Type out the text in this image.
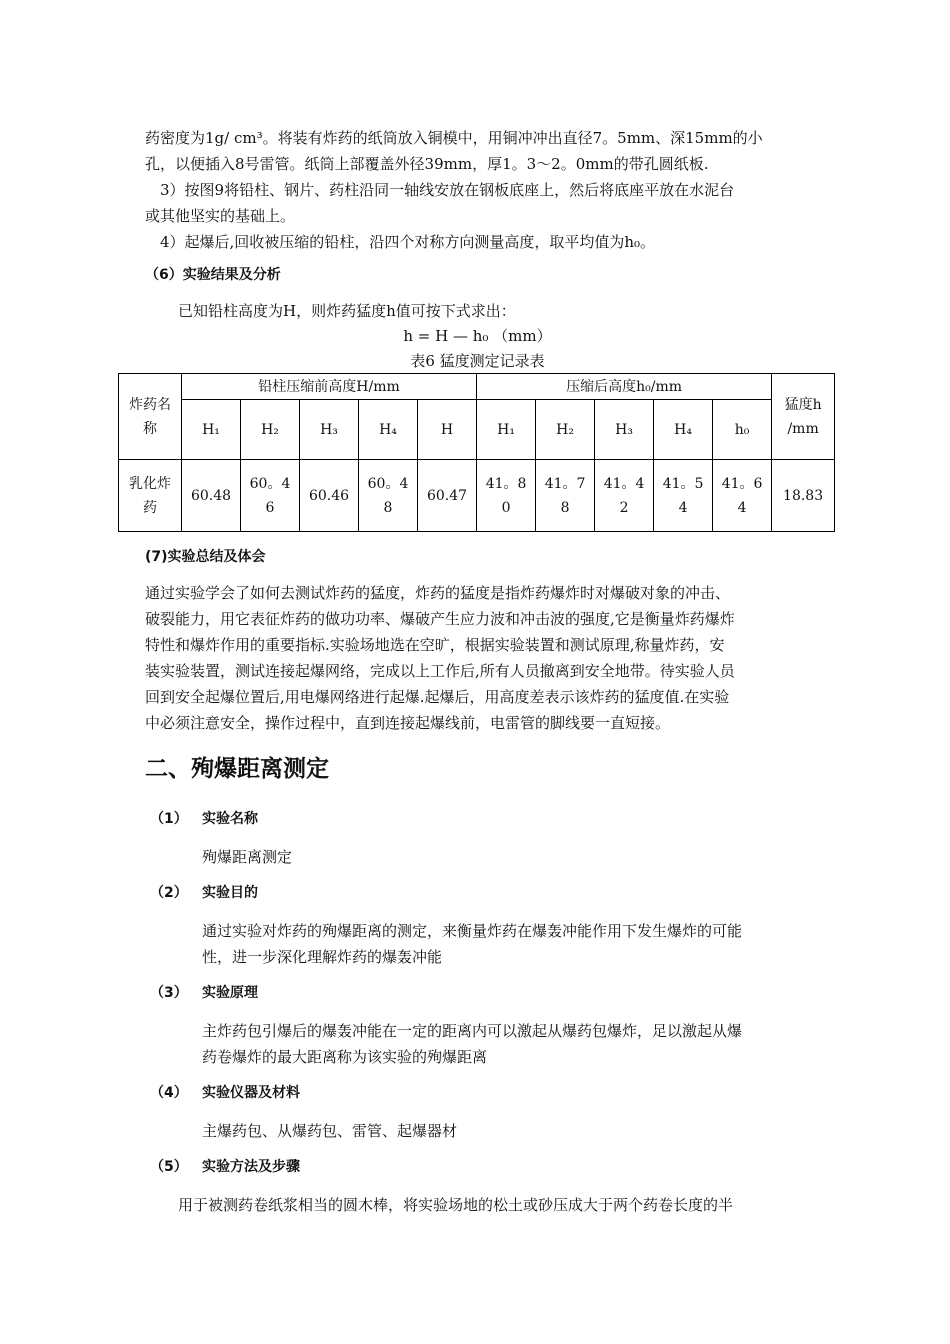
药密度为1g/ cm³。将装有炸药的纸筒放入铜模中，用铜冲冲出直径7。5mm、深15mm的小
孔，以便插入8号雷管。纸筒上部覆盖外径39mm，厚1。3～2。0mm的带孔圆纸板.
3）按图9将铅柱、钢片、药柱沿同一轴线安放在钢板底座上，然后将底座平放在水泥台
或其他坚实的基础上。
4）起爆后,回收被压缩的铅柱，沿四个对称方向测量高度，取平均值为h₀。
（6）实验结果及分析
已知铅柱高度为H，则炸药猛度h值可按下式求出：
h = H — h₀ （mm）
表6 猛度测定记录表
炸药名称	铅柱压缩前高度H/mm					压缩后高度h₀/mm					猛度h /mm
	H₁	H₂	H₃	H₄	H	H₁	H₂	H₃	H₄	h₀	
乳化炸药	60.48	60。46	60.46	60。48	60.47	41。80	41。78	41。42	41。54	41。64	18.83
(7)实验总结及体会
通过实验学会了如何去测试炸药的猛度，炸药的猛度是指炸药爆炸时对爆破对象的冲击、
破裂能力，用它表征炸药的做功功率、爆破产生应力波和冲击波的强度,它是衡量炸药爆炸
特性和爆炸作用的重要指标.实验场地选在空旷，根据实验装置和测试原理,称量炸药，安
装实验装置，测试连接起爆网络，完成以上工作后,所有人员撤离到安全地带。待实验人员
回到安全起爆位置后,用电爆网络进行起爆.起爆后，用高度差表示该炸药的猛度值.在实验
中必须注意安全，操作过程中，直到连接起爆线前，电雷管的脚线要一直短接。
二、殉爆距离测定
（1） 实验名称
殉爆距离测定
（2） 实验目的
通过实验对炸药的殉爆距离的测定，来衡量炸药在爆轰冲能作用下发生爆炸的可能
性，进一步深化理解炸药的爆轰冲能
（3） 实验原理
主炸药包引爆后的爆轰冲能在一定的距离内可以激起从爆药包爆炸，足以激起从爆
药卷爆炸的最大距离称为该实验的殉爆距离
（4） 实验仪器及材料
主爆药包、从爆药包、雷管、起爆器材
（5） 实验方法及步骤
用于被测药卷纸浆相当的圆木棒，将实验场地的松土或砂压成大于两个药卷长度的半
